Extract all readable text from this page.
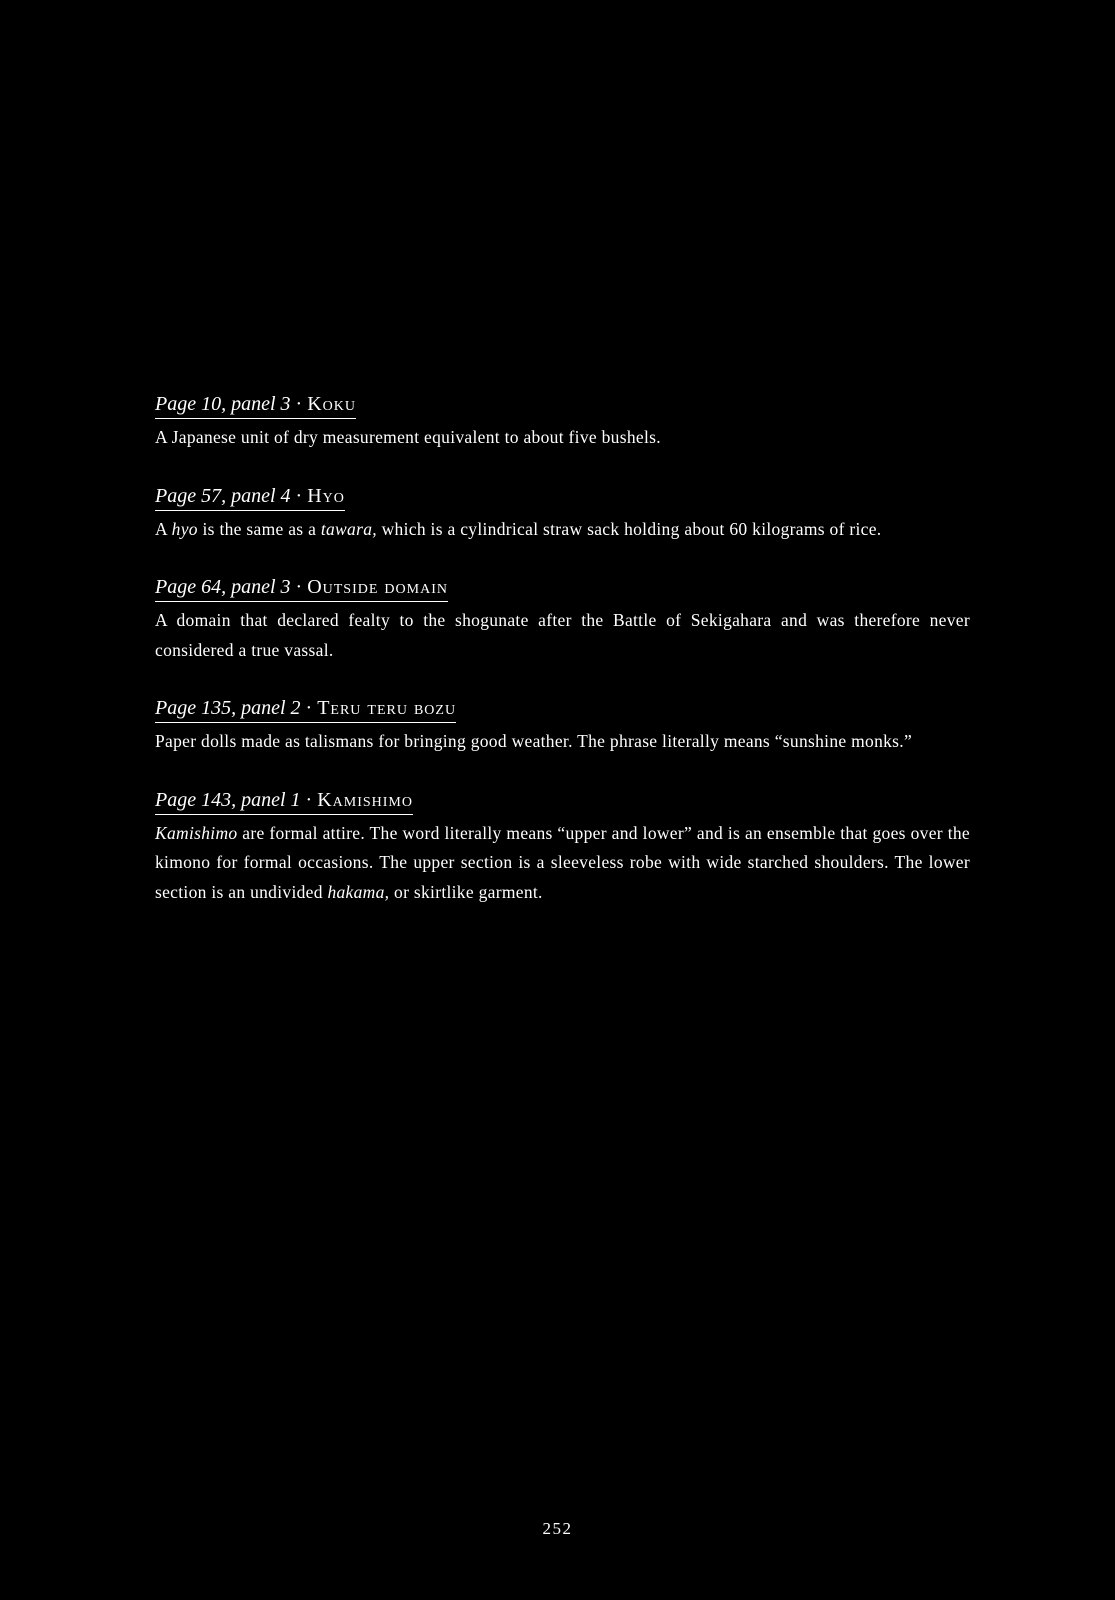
Page 10, panel 3 · Koku

A Japanese unit of dry measurement equivalent to about five bushels.

Page 57, panel 4 · Hyo

A hyo is the same as a tawara, which is a cylindrical straw sack holding about 60 kilograms of rice.

Page 64, panel 3 · Outside domain

A domain that declared fealty to the shogunate after the Battle of Sekigahara and was therefore never considered a true vassal.

Page 135, panel 2 · Teru teru bozu

Paper dolls made as talismans for bringing good weather. The phrase literally means “sunshine monks.”

Page 143, panel 1 · Kamishimo

Kamishimo are formal attire. The word literally means “upper and lower” and is an ensemble that goes over the kimono for formal occasions. The upper section is a sleeveless robe with wide starched shoulders. The lower section is an undivided hakama, or skirtlike garment.

252
